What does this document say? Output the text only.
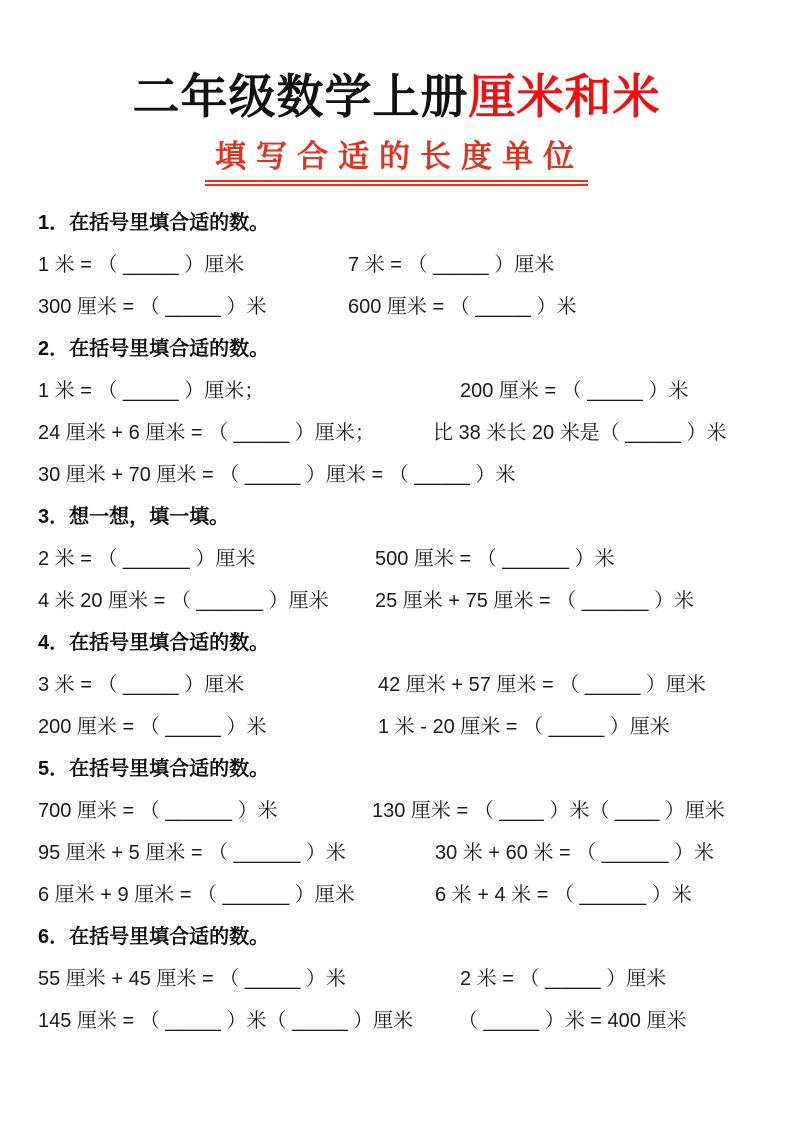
二年级数学上册厘米和米
填写合适的长度单位
1．在括号里填合适的数。
1 米 = （ _____ ）厘米	7 米 = （ _____ ）厘米
300 厘米 = （ _____ ）米	600 厘米 = （ _____ ）米
2．在括号里填合适的数。
1 米 = （ _____ ）厘米；	200 厘米 = （ _____ ）米
24 厘米 + 6 厘米 = （ _____ ）厘米；	比 38 米长 20 米是（ _____ ）米
30 厘米 + 70 厘米 = （ _____ ）厘米 = （ _____ ）米
3．想一想，填一填。
2 米 = （ ______ ）厘米	500 厘米 = （ ______ ）米
4 米 20 厘米 = （ ______ ）厘米 25 厘米 + 75 厘米 = （ ______ ）米
4．在括号里填合适的数。
3 米 = （ _____ ）厘米	42 厘米 + 57 厘米 = （ _____ ）厘米
200 厘米 = （ _____ ）米	1 米 - 20 厘米 = （ _____ ）厘米
5．在括号里填合适的数。
700 厘米 = （ ______ ）米	130 厘米 = （ ____ ）米（ ____ ）厘米
95 厘米 + 5 厘米 = （ ______ ）米	30 米 + 60 米 = （ ______ ）米
6 厘米 + 9 厘米 = （ ______ ）厘米	6 米 + 4 米 = （ ______ ）米
6．在括号里填合适的数。
55 厘米 + 45 厘米 = （ _____ ）米	2 米 = （ _____ ）厘米
145 厘米 = （ _____ ）米（ _____ ）厘米 （ _____ ）米 = 400 厘米
